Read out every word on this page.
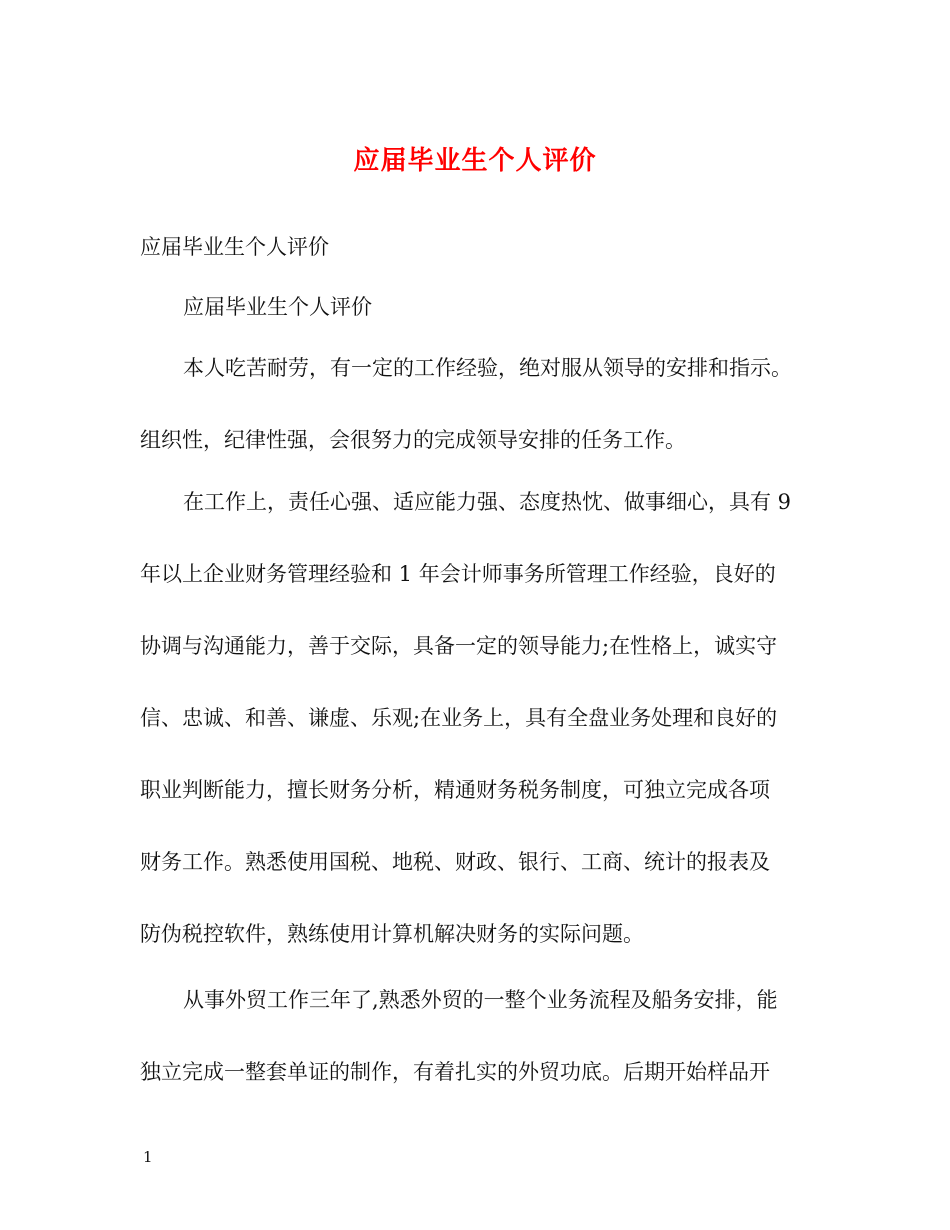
应届毕业生个人评价
应届毕业生个人评价
应届毕业生个人评价
本人吃苦耐劳，有一定的工作经验，绝对服从领导的安排和指示。
组织性，纪律性强，会很努力的完成领导安排的任务工作。
在工作上，责任心强、适应能力强、态度热忱、做事细心，具有 9
年以上企业财务管理经验和 1 年会计师事务所管理工作经验，良好的
协调与沟通能力，善于交际，具备一定的领导能力;在性格上，诚实守
信、忠诚、和善、谦虚、乐观;在业务上，具有全盘业务处理和良好的
职业判断能力，擅长财务分析，精通财务税务制度，可独立完成各项
财务工作。熟悉使用国税、地税、财政、银行、工商、统计的报表及
防伪税控软件，熟练使用计算机解决财务的实际问题。
从事外贸工作三年了,熟悉外贸的一整个业务流程及船务安排，能
独立完成一整套单证的制作，有着扎实的外贸功底。后期开始样品开
1
